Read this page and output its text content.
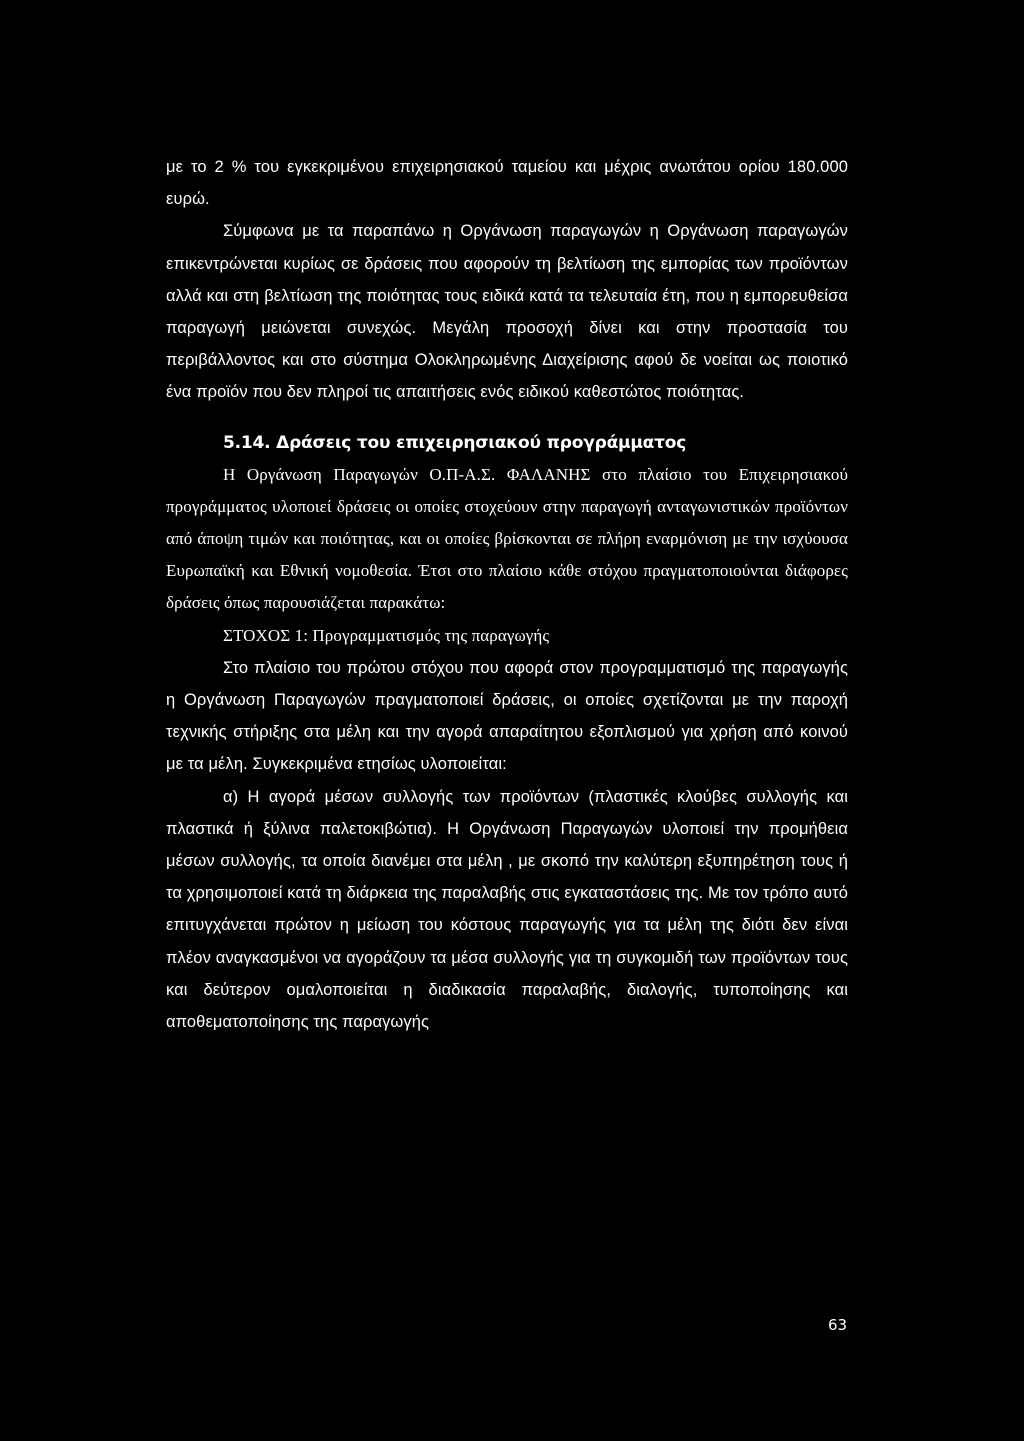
με το 2 % του εγκεκριμένου επιχειρησιακού ταμείου και μέχρις ανωτάτου ορίου 180.000 ευρώ.

Σύμφωνα με τα παραπάνω η Οργάνωση παραγωγών η Οργάνωση παραγωγών επικεντρώνεται κυρίως σε δράσεις που αφορούν τη βελτίωση της εμπορίας των προϊόντων αλλά και στη βελτίωση της ποιότητας τους ειδικά κατά τα τελευταία έτη, που η εμπορευθείσα παραγωγή μειώνεται συνεχώς. Μεγάλη προσοχή δίνει και στην προστασία του περιβάλλοντος και στο σύστημα Ολοκληρωμένης Διαχείρισης αφού δε νοείται ως ποιοτικό ένα προϊόν που δεν πληροί τις απαιτήσεις ενός ειδικού καθεστώτος ποιότητας.

5.14. Δράσεις του επιχειρησιακού προγράμματος

Η Οργάνωση Παραγωγών Ο.Π-Α.Σ. ΦΑΛΑΝΗΣ στο πλαίσιο του Επιχειρησιακού προγράμματος υλοποιεί δράσεις οι οποίες στοχεύουν στην παραγωγή ανταγωνιστικών προϊόντων από άποψη τιμών και ποιότητας, και οι οποίες βρίσκονται σε πλήρη εναρμόνιση με την ισχύουσα Ευρωπαϊκή και Εθνική νομοθεσία. Έτσι στο πλαίσιο κάθε στόχου πραγματοποιούνται διάφορες δράσεις όπως παρουσιάζεται παρακάτω:

ΣΤΟΧΟΣ 1: Προγραμματισμός της παραγωγής

Στο πλαίσιο του πρώτου στόχου που αφορά στον προγραμματισμό της παραγωγής η Οργάνωση Παραγωγών πραγματοποιεί δράσεις, οι οποίες σχετίζονται με την παροχή τεχνικής στήριξης στα μέλη και την αγορά απαραίτητου εξοπλισμού για χρήση από κοινού με τα μέλη. Συγκεκριμένα ετησίως υλοποιείται:

α) Η αγορά μέσων συλλογής των προϊόντων (πλαστικές κλούβες συλλογής και πλαστικά ή ξύλινα παλετοκιβώτια). Η Οργάνωση Παραγωγών υλοποιεί την προμήθεια μέσων συλλογής, τα οποία διανέμει στα μέλη , με σκοπό την καλύτερη εξυπηρέτηση τους ή τα χρησιμοποιεί κατά τη διάρκεια της παραλαβής στις εγκαταστάσεις της. Με τον τρόπο αυτό επιτυγχάνεται πρώτον η μείωση του κόστους παραγωγής για τα μέλη της διότι δεν είναι πλέον αναγκασμένοι να αγοράζουν τα μέσα συλλογής για τη συγκομιδή των προϊόντων τους και δεύτερον ομαλοποιείται η διαδικασία παραλαβής, διαλογής, τυποποίησης και αποθεματοποίησης της παραγωγής

63
